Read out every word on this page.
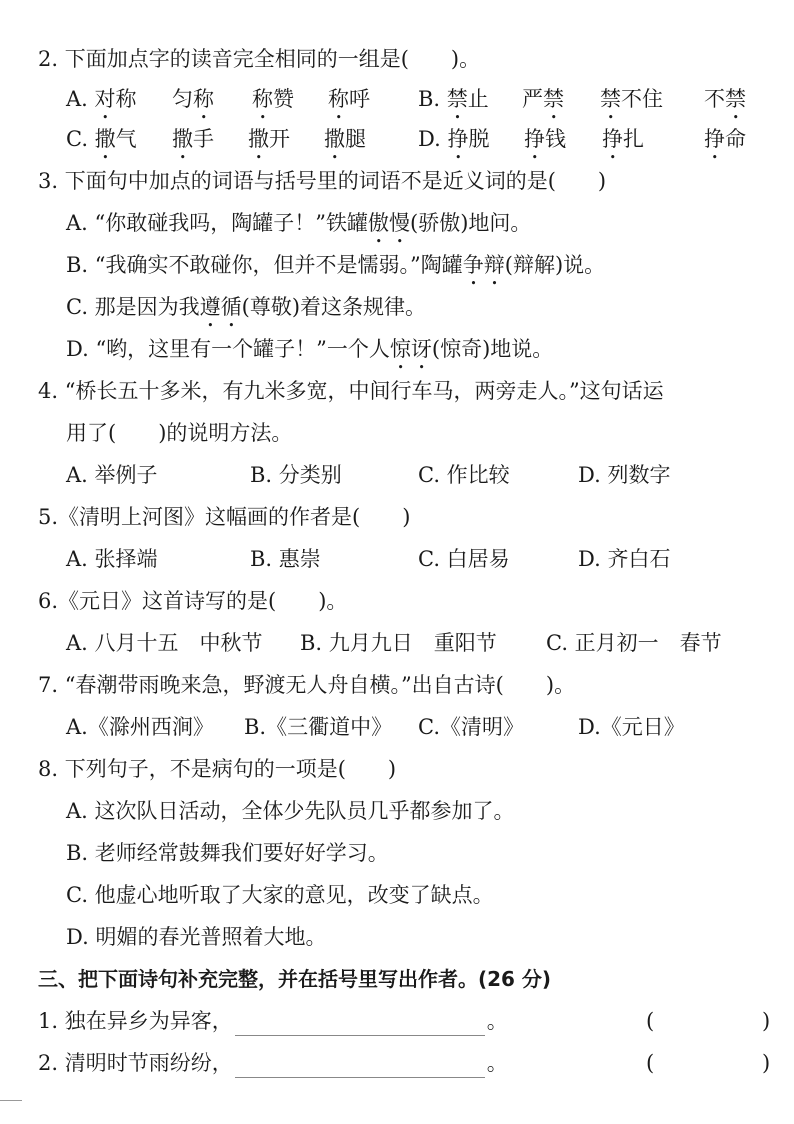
2. 下面加点字的读音完全相同的一组是(　　)。
A. 对称 匀称 称赞 称呼 B. 禁止 严禁 禁不住 不禁
C. 撒气 撒手 撒开 撒腿 D. 挣脱 挣钱 挣扎	挣命
3. 下面句中加点的词语与括号里的词语不是近义词的是(　　)
A. “你敢碰我吗，陶罐子！”铁罐傲慢(骄傲)地问。
B. “我确实不敢碰你，但并不是懦弱。”陶罐争辩(辩解)说。
C. 那是因为我遵循(尊敬)着这条规律。
D. “哟，这里有一个罐子！”一个人惊讶(惊奇)地说。
4. “桥长五十多米，有九米多宽，中间行车马，两旁走人。”这句话运
用了(　　)的说明方法。
A. 举例子	B. 分类别	C. 作比较	D. 列数字
5.《清明上河图》这幅画的作者是(　　)
A. 张择端	B. 惠崇	C. 白居易	D. 齐白石
6.《元日》这首诗写的是(　　)。
A. 八月十五　中秋节 B. 九月九日　重阳节 C. 正月初一　春节
7. “春潮带雨晚来急，野渡无人舟自横。”出自古诗(　　)。
A.《滁州西涧》 B.《三衢道中》 C.《清明》	D.《元日》
8. 下列句子，不是病句的一项是(　　)
A. 这次队日活动，全体少先队员几乎都参加了。
B. 老师经常鼓舞我们要好好学习。
C. 他虚心地听取了大家的意见，改变了缺点。
D. 明媚的春光普照着大地。
三、把下面诗句补充完整，并在括号里写出作者。(26 分)
1. 独在异乡为异客，	。	(	)
2. 清明时节雨纷纷，	。	(	)
